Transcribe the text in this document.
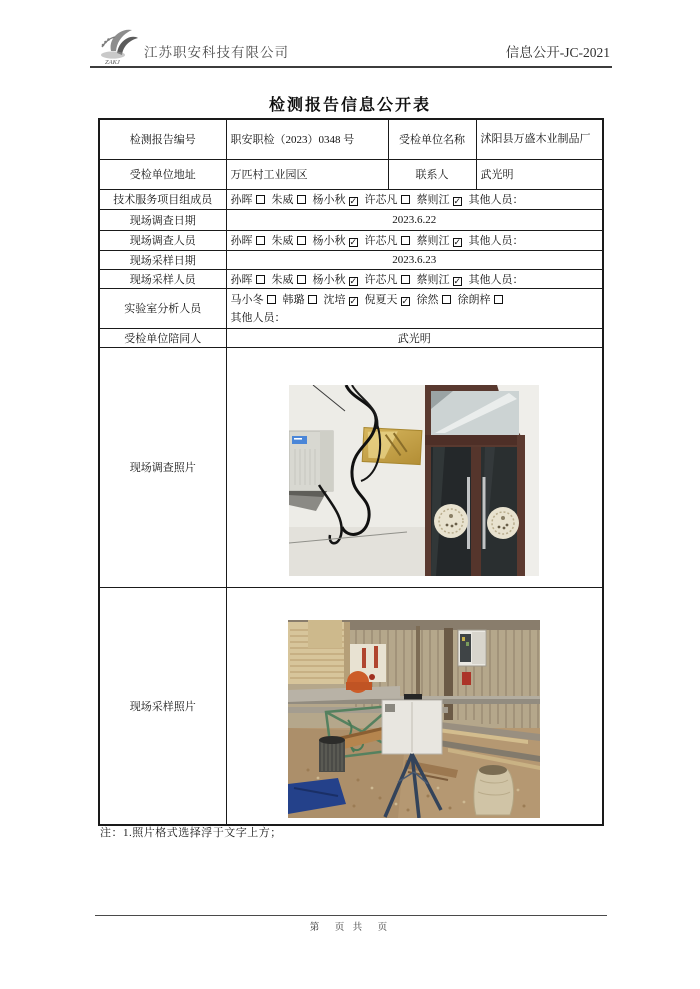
ZAKJ
江苏职安科技有限公司	信息公开-JC-2021
检测报告信息公开表
检测报告编号	职安职检（2023）0348 号	受检单位名称	沭阳县万盛木业制品厂
受检单位地址	万匹村工业园区	联系人	武光明
技术服务项目组成员	孙晖 朱威 杨小秋 ✓ 许芯凡 蔡则江 ✓ 其他人员：		
现场调查日期	2023.6.22		
现场调查人员	孙晖 朱威 杨小秋 ✓ 许芯凡 蔡则江 ✓ 其他人员：		
现场采样日期	2023.6.23		
现场采样人员	孙晖 朱威 杨小秋 ✓ 许芯凡 蔡则江 ✓ 其他人员：		
实验室分析人员	马小冬 韩璐 沈培 ✓ 倪夏天 ✓ 徐然 徐朗梓
其他人员：		

受检单位陪同人	武光明		
现场调查照片	

现场采样照片	
注：1.照片格式选择浮于文字上方；
第　页 共　页
